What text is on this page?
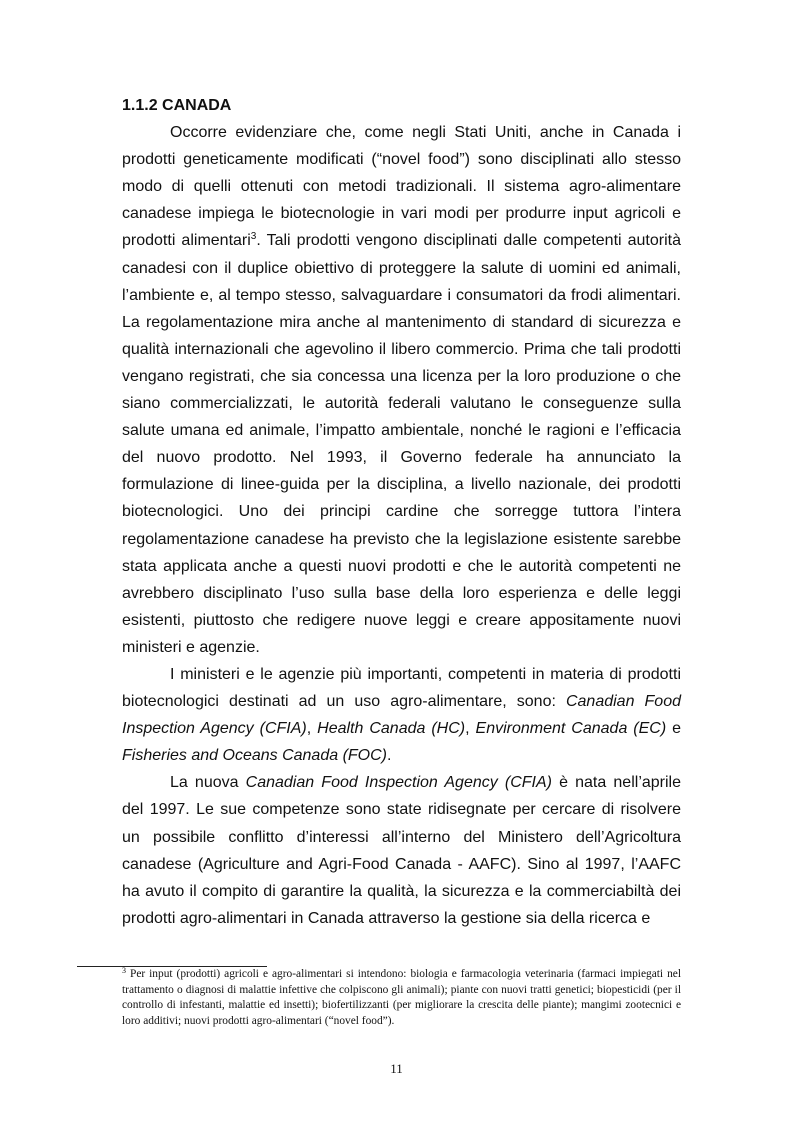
1.1.2 CANADA

Occorre evidenziare che, come negli Stati Uniti, anche in Canada i prodotti geneticamente modificati (“novel food”) sono disciplinati allo stesso modo di quelli ottenuti con metodi tradizionali. Il sistema agro-alimentare canadese impiega le biotecnologie in vari modi per produrre input agricoli e prodotti alimentari$^3$. Tali prodotti vengono disciplinati dalle competenti autorità canadesi con il duplice obiettivo di proteggere la salute di uomini ed animali, l’ambiente e, al tempo stesso, salvaguardare i consumatori da frodi alimentari. La regolamentazione mira anche al mantenimento di standard di sicurezza e qualità internazionali che agevolino il libero commercio. Prima che tali prodotti vengano registrati, che sia concessa una licenza per la loro produzione o che siano commercializzati, le autorità federali valutano le conseguenze sulla salute umana ed animale, l’impatto ambientale, nonché le ragioni e l’efficacia del nuovo prodotto. Nel 1993, il Governo federale ha annunciato la formulazione di linee-guida per la disciplina, a livello nazionale, dei prodotti biotecnologici. Uno dei principi cardine che sorregge tuttora l’intera regolamentazione canadese ha previsto che la legislazione esistente sarebbe stata applicata anche a questi nuovi prodotti e che le autorità competenti ne avrebbero disciplinato l’uso sulla base della loro esperienza e delle leggi esistenti, piuttosto che redigere nuove leggi e creare appositamente nuovi ministeri e agenzie.

I ministeri e le agenzie più importanti, competenti in materia di prodotti biotecnologici destinati ad un uso agro-alimentare, sono: Canadian Food Inspection Agency (CFIA), Health Canada (HC), Environment Canada (EC) e Fisheries and Oceans Canada (FOC).

La nuova Canadian Food Inspection Agency (CFIA) è nata nell’aprile del 1997. Le sue competenze sono state ridisegnate per cercare di risolvere un possibile conflitto d’interessi all’interno del Ministero dell’Agricoltura canadese (Agriculture and Agri-Food Canada - AAFC). Sino al 1997, l’AAFC ha avuto il compito di garantire la qualità, la sicurezza e la commerciabiltà dei prodotti agro-alimentari in Canada attraverso la gestione sia della ricerca e

$^3$ Per input (prodotti) agricoli e agro-alimentari si intendono: biologia e farmacologia veterinaria (farmaci impiegati nel trattamento o diagnosi di malattie infettive che colpiscono gli animali); piante con nuovi tratti genetici; biopesticidi (per il controllo di infestanti, malattie ed insetti); biofertilizzanti (per migliorare la crescita delle piante); mangimi zootecnici e loro additivi; nuovi prodotti agro-alimentari (“novel food”).

11
